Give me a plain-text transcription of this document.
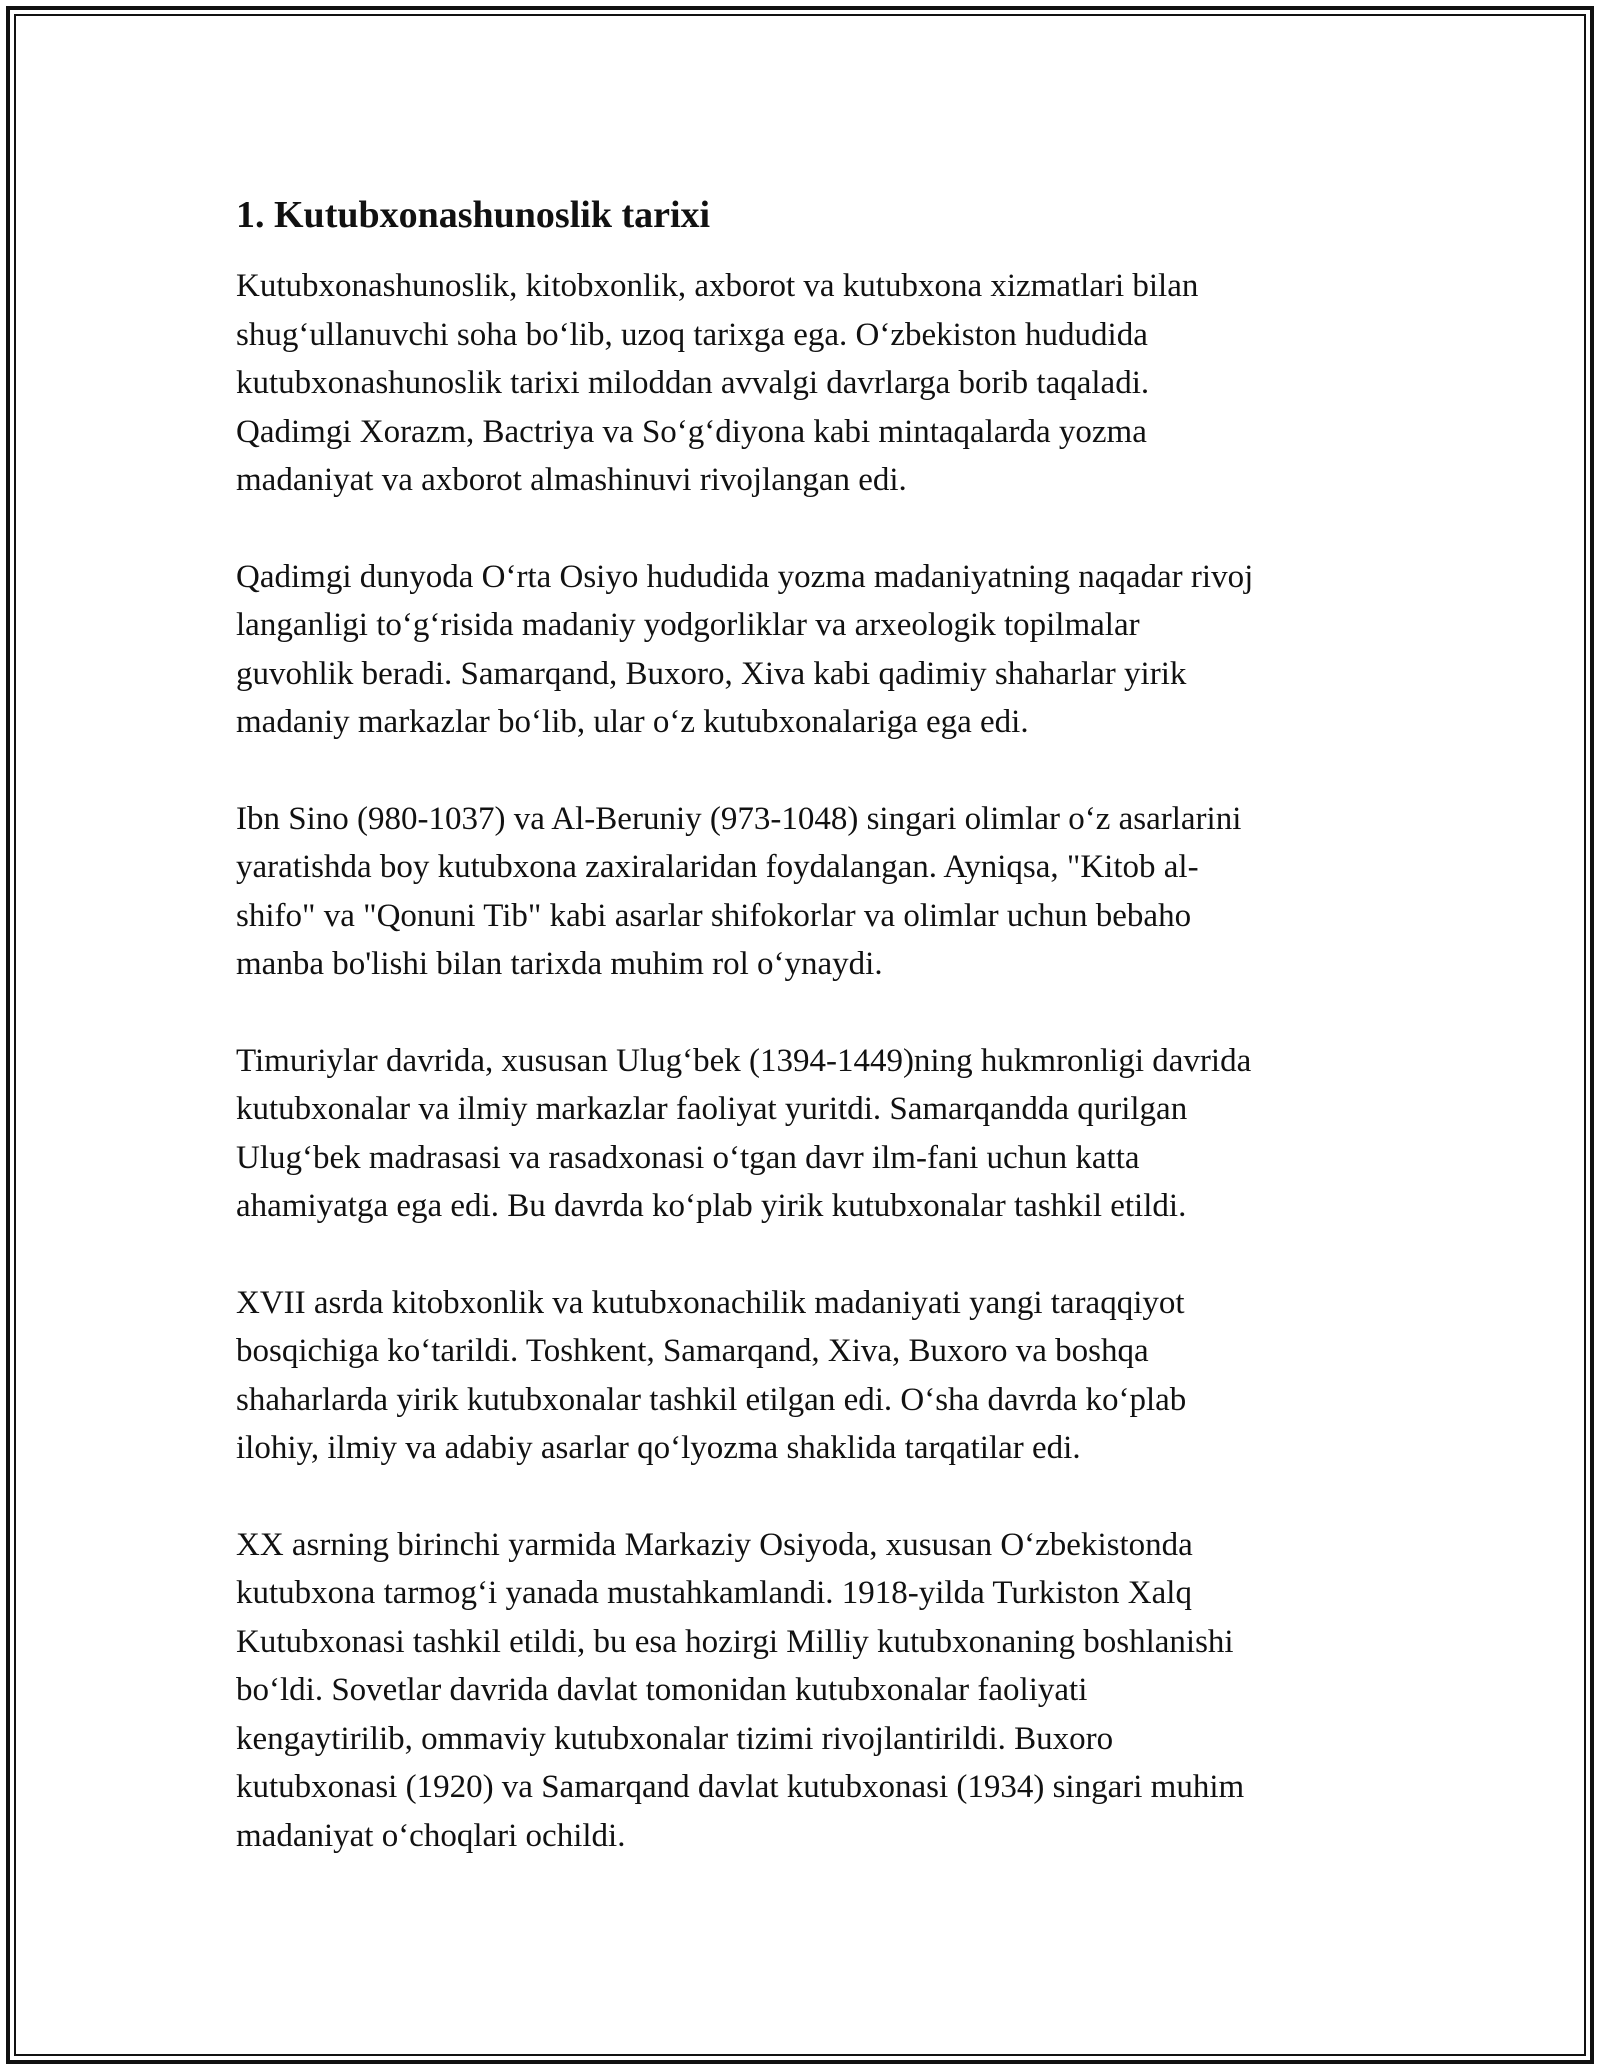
1. Kutubxonashunoslik tarixi

Kutubxonashunoslik, kitobxonlik, axborot va kutubxona xizmatlari bilan
shug‘ullanuvchi soha bo‘lib, uzoq tarixga ega. O‘zbekiston hududida
kutubxonashunoslik tarixi miloddan avvalgi davrlarga borib taqaladi.
Qadimgi Xorazm, Bactriya va So‘g‘diyona kabi mintaqalarda yozma
madaniyat va axborot almashinuvi rivojlangan edi.

Qadimgi dunyoda O‘rta Osiyo hududida yozma madaniyatning naqadar rivoj
langanligi to‘g‘risida madaniy yodgorliklar va arxeologik topilmalar
guvohlik beradi. Samarqand, Buxoro, Xiva kabi qadimiy shaharlar yirik
madaniy markazlar bo‘lib, ular o‘z kutubxonalariga ega edi.

Ibn Sino (980-1037) va Al-Beruniy (973-1048) singari olimlar o‘z asarlarini
yaratishda boy kutubxona zaxiralaridan foydalangan. Ayniqsa, "Kitob al-
shifo" va "Qonuni Tib" kabi asarlar shifokorlar va olimlar uchun bebaho
manba bo'lishi bilan tarixda muhim rol o‘ynaydi.

Timuriylar davrida, xususan Ulug‘bek (1394-1449)ning hukmronligi davrida
kutubxonalar va ilmiy markazlar faoliyat yuritdi. Samarqandda qurilgan
Ulug‘bek madrasasi va rasadxonasi o‘tgan davr ilm-fani uchun katta
ahamiyatga ega edi. Bu davrda ko‘plab yirik kutubxonalar tashkil etildi.

XVII asrda kitobxonlik va kutubxonachilik madaniyati yangi taraqqiyot
bosqichiga ko‘tarildi. Toshkent, Samarqand, Xiva, Buxoro va boshqa
shaharlarda yirik kutubxonalar tashkil etilgan edi. O‘sha davrda ko‘plab
ilohiy, ilmiy va adabiy asarlar qo‘lyozma shaklida tarqatilar edi.

XX asrning birinchi yarmida Markaziy Osiyoda, xususan O‘zbekistonda
kutubxona tarmog‘i yanada mustahkamlandi. 1918-yilda Turkiston Xalq
Kutubxonasi tashkil etildi, bu esa hozirgi Milliy kutubxonaning boshlanishi
bo‘ldi. Sovetlar davrida davlat tomonidan kutubxonalar faoliyati
kengaytirilib, ommaviy kutubxonalar tizimi rivojlantirildi. Buxoro
kutubxonasi (1920) va Samarqand davlat kutubxonasi (1934) singari muhim
madaniyat o‘choqlari ochildi.
